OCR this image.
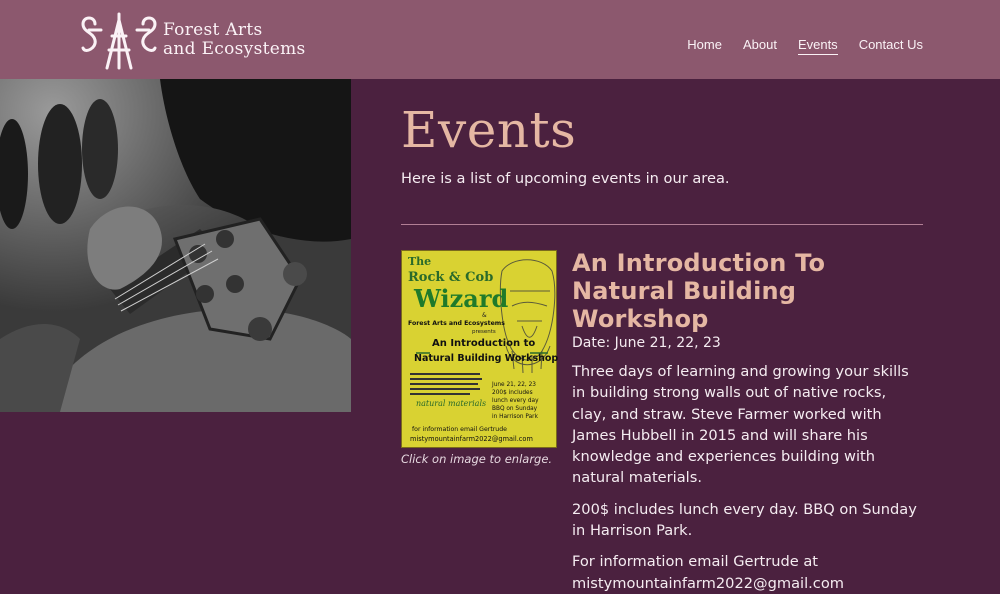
Forest Arts
and Ecosystems	Home About Events Contact Us
Events

Here is a list of upcoming events in our area.

The
Rock & Cob
Wizard
&
Forest Arts and Ecosystems
presents
An Introduction to
Natural Building Workshop
natural materials
June 21, 22, 23
200$ includes
lunch every day
BBQ on Sunday
in Harrison Park
for information email Gertrude
mistymountainfarm2022@gmail.com

Click on image to enlarge.

An Introduction To Natural Building Workshop

Date: June 21, 22, 23

Three days of learning and growing your skills in building strong walls out of native rocks, clay, and straw. Steve Farmer worked with James Hubbell in 2015 and will share his knowledge and experiences building with natural materials.

200$ includes lunch every day. BBQ on Sunday in Harrison Park.

For information email Gertrude at mistymountainfarm2022@gmail.com
